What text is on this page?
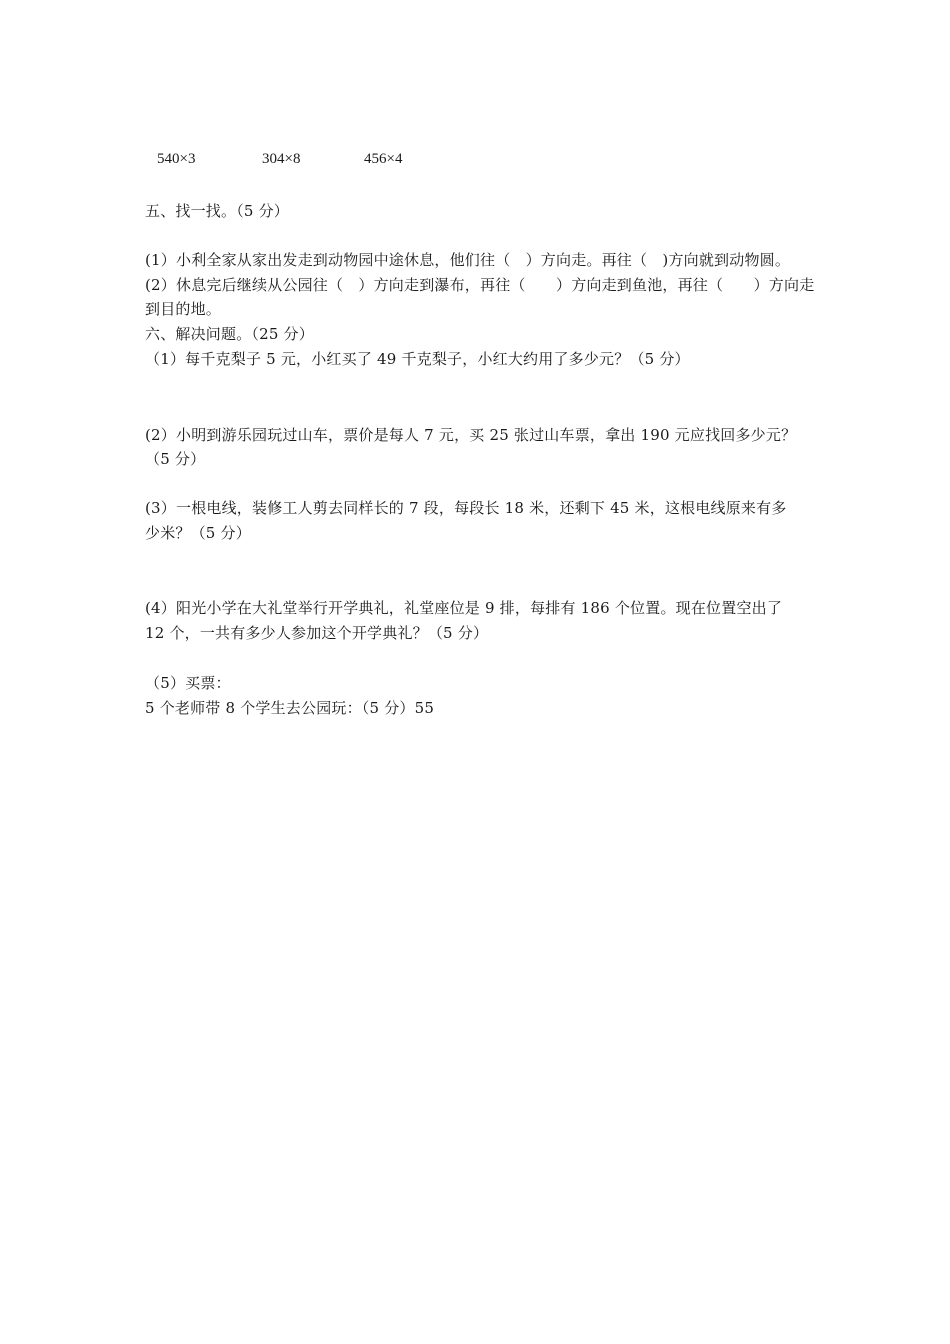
540×3	304×8	456×4
五、找一找。（5 分）
(1）小利全家从家出发走到动物园中途休息，他们往（　）方向走。再往（　)方向就到动物圆。
(2）休息完后继续从公园往（　）方向走到瀑布，再往（　　）方向走到鱼池，再往（　　）方向走
到目的地。
六、解决问题。（25 分）
（1）每千克梨子 5 元，小红买了 49 千克梨子，小红大约用了多少元？（5 分）
(2）小明到游乐园玩过山车，票价是每人 7 元，买 25 张过山车票，拿出 190 元应找回多少元？
（5 分）
(3）一根电线，装修工人剪去同样长的 7 段，每段长 18 米，还剩下 45 米，这根电线原来有多
少米？（5 分）
(4）阳光小学在大礼堂举行开学典礼，礼堂座位是 9 排，每排有 186 个位置。现在位置空出了
12 个，一共有多少人参加这个开学典礼？（5 分）
（5）买票：
5 个老师带 8 个学生去公园玩：（5 分）55
